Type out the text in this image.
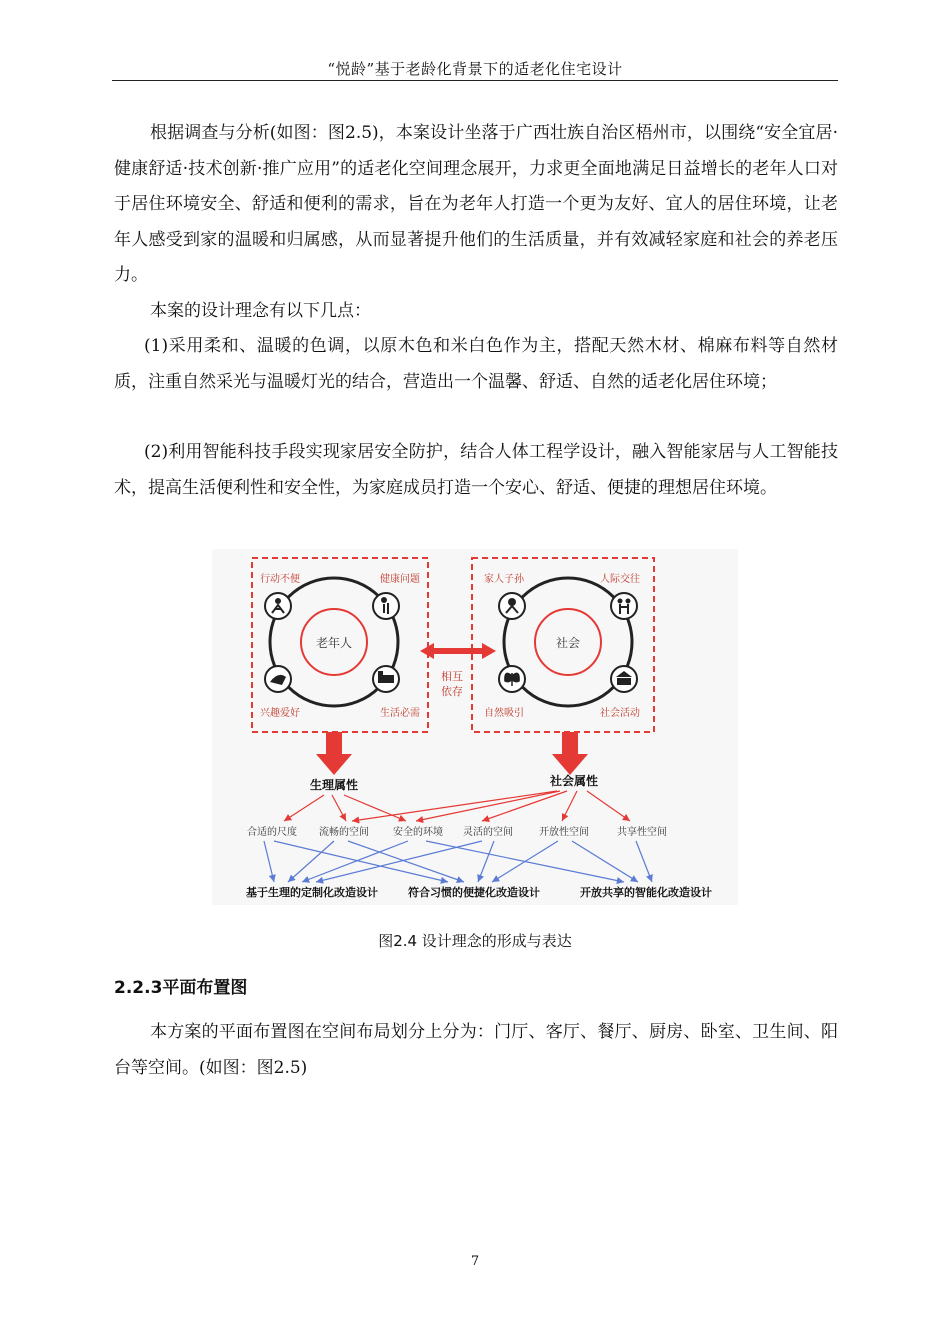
“悦龄”基于老龄化背景下的适老化住宅设计

根据调查与分析(如图：图2.5)，本案设计坐落于广西壮族自治区梧州市，以围绕“安全宜居·健康舒适·技术创新·推广应用”的适老化空间理念展开，力求更全面地满足日益增长的老年人口对于居住环境安全、舒适和便利的需求，旨在为老年人打造一个更为友好、宜人的居住环境，让老年人感受到家的温暖和归属感，从而显著提升他们的生活质量，并有效减轻家庭和社会的养老压力。

本案的设计理念有以下几点：

(1)采用柔和、温暖的色调，以原木色和米白色作为主，搭配天然木材、棉麻布料等自然材质，注重自然采光与温暖灯光的结合，营造出一个温馨、舒适、自然的适老化居住环境；

(2)利用智能科技手段实现家居安全防护，结合人体工程学设计，融入智能家居与人工智能技术，提高生活便利性和安全性，为家庭成员打造一个安心、舒适、便捷的理想居住环境。

老年人	社会
行动不便	健康问题
兴趣爱好	生活必需
家人子孙	人际交往
自然吸引	社会活动
相互
依存
生理属性	社会属性
合适的尺度 流畅的空间 安全的环境 灵活的空间	开放性空间	共享性空间
基于生理的定制化改造设计	符合习惯的便捷化改造设计	开放共享的智能化改造设计
图2.4 设计理念的形成与表达
2.2.3平面布置图

本方案的平面布置图在空间布局划分上分为：门厅、客厅、餐厅、厨房、卧室、卫生间、阳台等空间。(如图：图2.5)

7
